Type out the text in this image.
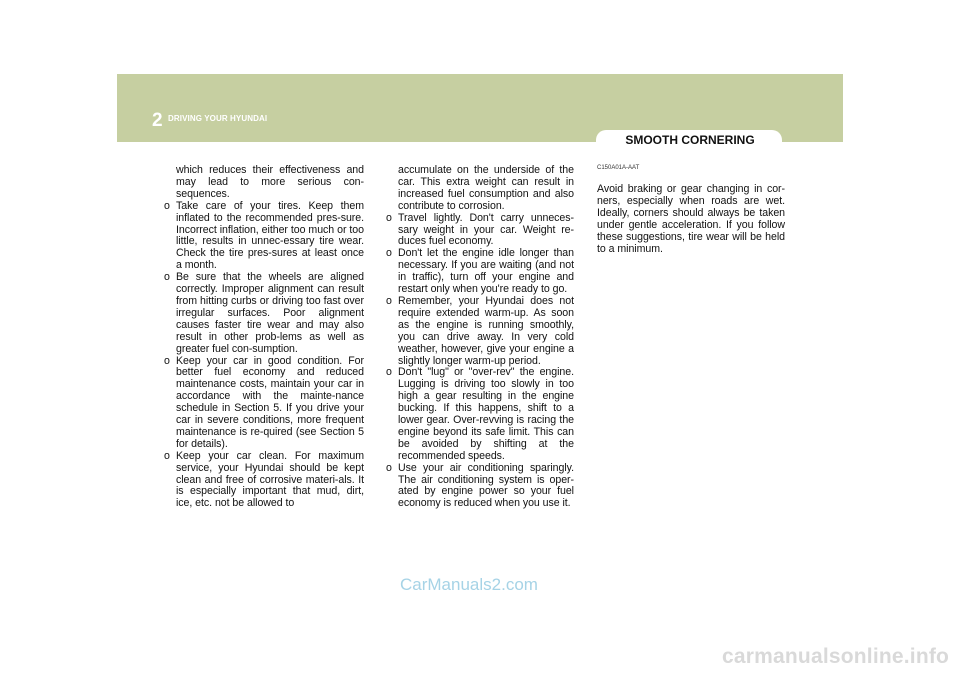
2 DRIVING YOUR HYUNDAI
12	SMOOTH CORNERING

which reduces their effectiveness and may lead to more serious con-sequences.

o Take care of your tires. Keep them inflated to the recommended pres-sure. Incorrect inflation, either too much or too little, results in unnec-essary tire wear. Check the tire pres-sures at least once a month.

o Be sure that the wheels are aligned correctly. Improper alignment can result from hitting curbs or driving too fast over irregular surfaces. Poor alignment causes faster tire wear and may also result in other prob-lems as well as greater fuel con-sumption.

o Keep your car in good condition. For better fuel economy and reduced maintenance costs, maintain your car in accordance with the mainte-nance schedule in Section 5. If you drive your car in severe conditions, more frequent maintenance is re-quired (see Section 5 for details).

o Keep your car clean. For maximum service, your Hyundai should be kept clean and free of corrosive materi-als. It is especially important that mud, dirt, ice, etc. not be allowed to

accumulate on the underside of the car. This extra weight can result in increased fuel consumption and also contribute to corrosion.

o Travel lightly. Don't carry unneces-sary weight in your car. Weight re-duces fuel economy.

o Don't let the engine idle longer than necessary. If you are waiting (and not in traffic), turn off your engine and restart only when you're ready to go.

o Remember, your Hyundai does not require extended warm-up. As soon as the engine is running smoothly, you can drive away. In very cold weather, however, give your engine a slightly longer warm-up period.

o Don't "lug" or "over-rev" the engine. Lugging is driving too slowly in too high a gear resulting in the engine bucking. If this happens, shift to a lower gear. Over-revving is racing the engine beyond its safe limit. This can be avoided by shifting at the recommended speeds.

o Use your air conditioning sparingly. The air conditioning system is oper-ated by engine power so your fuel economy is reduced when you use it.

C150A01A-AAT

Avoid braking or gear changing in cor-ners, especially when roads are wet. Ideally, corners should always be taken under gentle acceleration. If you follow these suggestions, tire wear will be held to a minimum.

CarManuals2.com
carmanualsonline.info
